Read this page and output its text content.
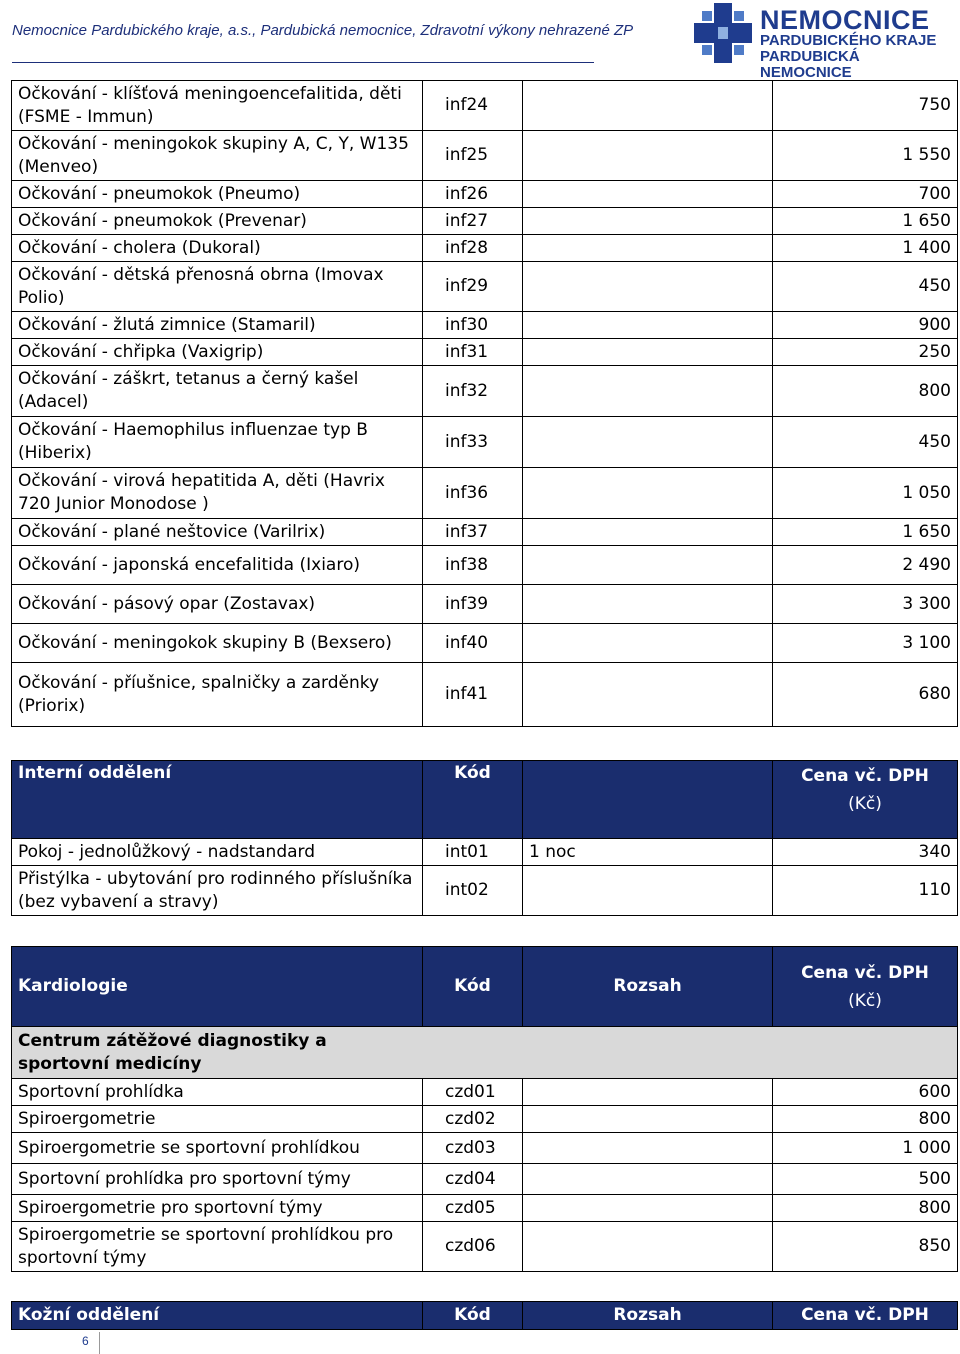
Nemocnice Pardubického kraje, a.s., Pardubická nemocnice, Zdravotní výkony nehrazené ZP	NEMOCNICE
PARDUBICKÉHO KRAJE
PARDUBICKÁ NEMOCNICE
Očkování - klíšťová meningoencefalitida, děti (FSME - Immun)	inf24		750
Očkování - meningokok skupiny A, C, Y, W135 (Menveo)	inf25		1 550
Očkování - pneumokok (Pneumo)	inf26		700
Očkování - pneumokok (Prevenar)	inf27		1 650
Očkování - cholera (Dukoral)	inf28		1 400
Očkování - dětská přenosná obrna (Imovax Polio)	inf29		450
Očkování - žlutá zimnice (Stamaril)	inf30		900
Očkování - chřipka (Vaxigrip)	inf31		250
Očkování - záškrt, tetanus a černý kašel (Adacel)	inf32		800
Očkování - Haemophilus influenzae typ B (Hiberix)	inf33		450
Očkování - virová hepatitida A, děti (Havrix 720 Junior Monodose )	inf36		1 050
Očkování - plané neštovice (Varilrix)	inf37		1 650
Očkování - japonská encefalitida (Ixiaro)	inf38		2 490
Očkování - pásový opar (Zostavax)	inf39		3 300
Očkování - meningokok skupiny B (Bexsero)	inf40		3 100
Očkování - příušnice, spalničky a zarděnky (Priorix)	inf41		680
Interní oddělení	Kód		Cena vč. DPH
(Kč)

Pokoj - jednolůžkový - nadstandard	int01	1 noc	340
Přistýlka - ubytování pro rodinného příslušníka (bez vybavení a stravy)	int02		110
Kardiologie	Kód	Rozsah	Cena vč. DPH
(Kč)

Centrum zátěžové diagnostiky a sportovní medicíny			
Sportovní prohlídka	czd01		600
Spiroergometrie	czd02		800
Spiroergometrie se sportovní prohlídkou	czd03		1 000
Sportovní prohlídka pro sportovní týmy	czd04		500
Spiroergometrie pro sportovní týmy	czd05		800
Spiroergometrie se sportovní prohlídkou pro sportovní týmy	czd06		850
Kožní oddělení	Kód	Rozsah	Cena vč. DPH
6
